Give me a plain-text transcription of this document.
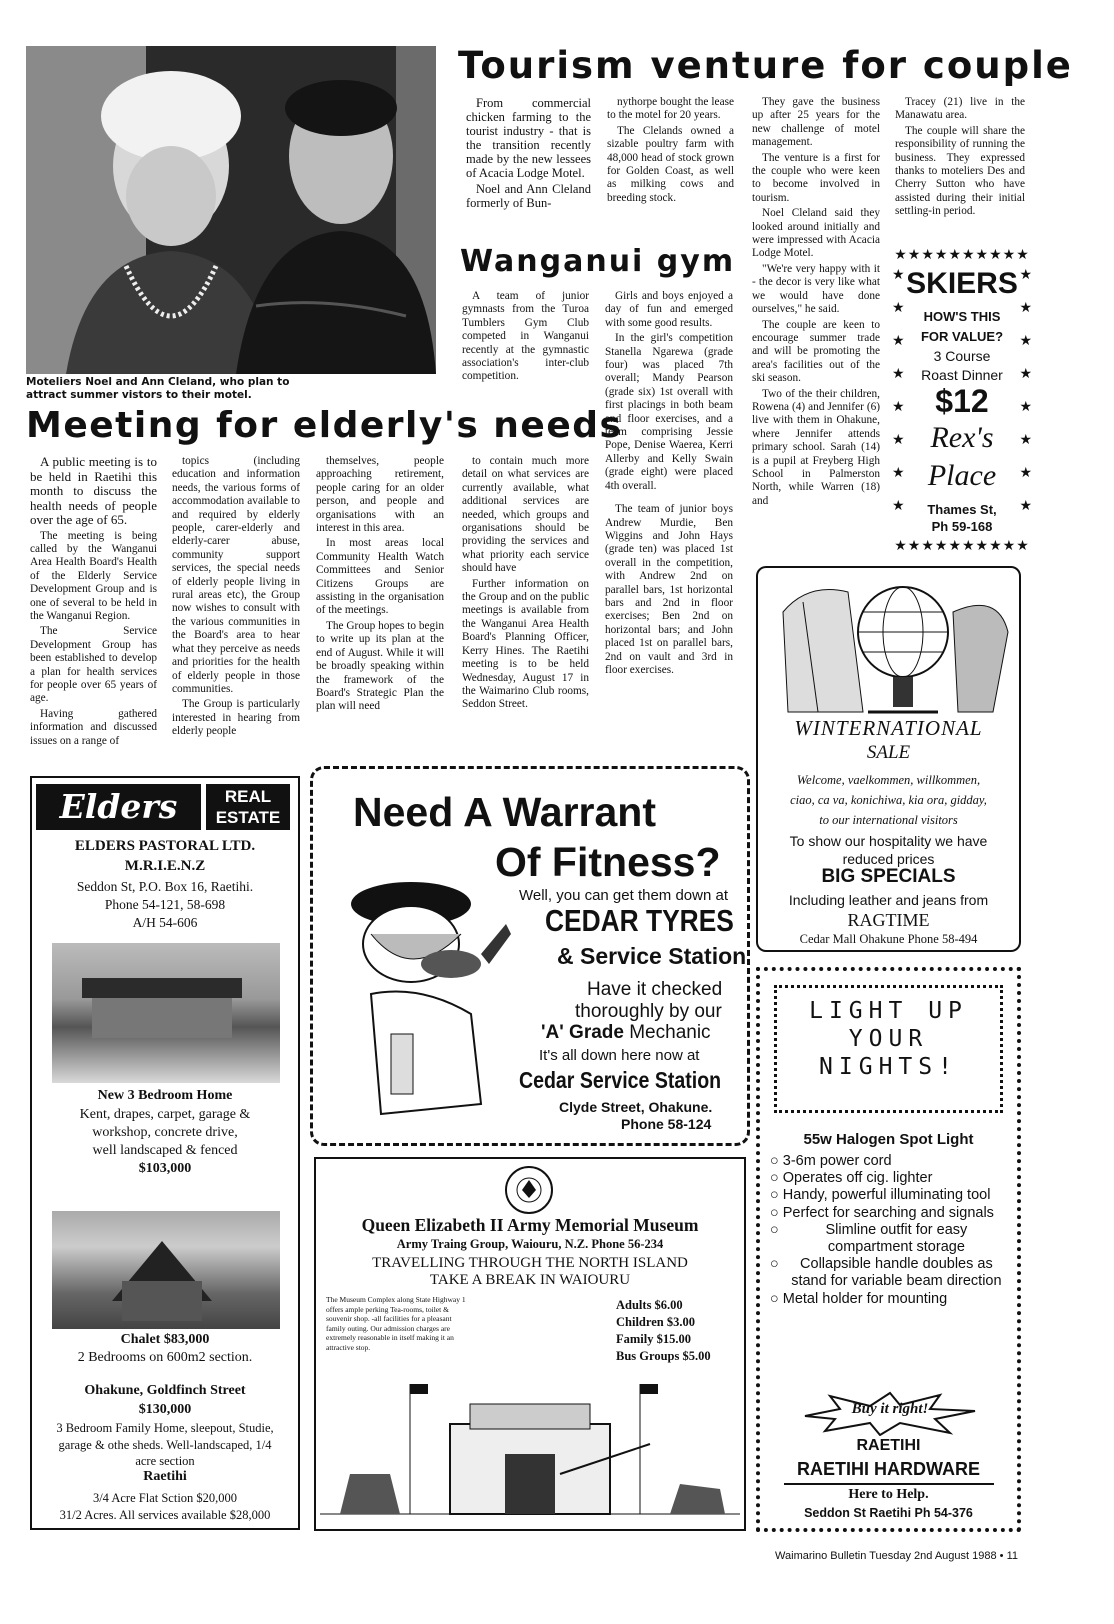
Moteliers Noel and Ann Cleland, who plan to attract summer vistors to their motel.
Tourism venture for couple

From commercial chicken farming to the tourist industry - that is the transition recently made by the new lessees of Acacia Lodge Motel.

Noel and Ann Cleland formerly of Bun-

nythorpe bought the lease to the motel for 20 years.

The Clelands owned a sizable poultry farm with 48,000 head of stock grown for Golden Coast, as well as milking cows and breeding stock.

They gave the business up after 25 years for the new challenge of motel management.

The venture is a first for the couple who were keen to become involved in tourism.

Noel Cleland said they looked around initially and were impressed with Acacia Lodge Motel.

"We're very happy with it - the decor is very like what we would have done ourselves," he said.

The couple are keen to encourage summer trade and will be promoting the area's facilities out of the ski season.

Two of the their children, Rowena (4) and Jennifer (6) live with them in Ohakune, where Jennifer attends primary school. Sarah (14) is a pupil at Freyberg High School in Palmerston North, while Warren (18) and

Tracey (21) live in the Manawatu area.

The couple will share the responsibility of running the business. They expressed thanks to moteliers Des and Cherry Sutton who have assisted during their initial settling-in period.

Wanganui gym

A team of junior gymnasts from the Turoa Tumblers Gym Club competed in Wanganui recently at the gymnastic association's inter-club competition.

Girls and boys enjoyed a day of fun and emerged with some good results.

In the girl's competition Stanella Ngarewa (grade four) was placed 7th overall; Mandy Pearson (grade six) 1st overall with first placings in both beam and floor exercises, and a team comprising Jessie Pope, Denise Waerea, Kerri Allerby and Kelly Swain (grade eight) were placed 4th overall.

The team of junior boys Andrew Murdie, Ben Wiggins and John Hays (grade ten) was placed 1st overall in the competition, with Andrew 2nd on parallel bars, 1st horizontal bars and 2nd in floor exercises; Ben 2nd on horizontal bars; and John placed 1st on parallel bars, 2nd on vault and 3rd in floor exercises.

Meeting for elderly's needs

A public meeting is to be held in Raetihi this month to discuss the health needs of people over the age of 65.

The meeting is being called by the Wanganui Area Health Board's Health of the Elderly Service Development Group and is one of several to be held in the Wanganui Region.

The Service Development Group has been established to develop a plan for health services for people over 65 years of age.

Having gathered information and discussed issues on a range of

topics (including education and information needs, the various forms of accommodation available to and required by elderly people, carer-elderly and elderly-carer abuse, community support services, the special needs of elderly people living in rural areas etc), the Group now wishes to consult with the various communities in the Board's area to hear what they perceive as needs and priorities for the health of elderly people in those communities.

The Group is particularly interested in hearing from elderly people

themselves, people approaching retirement, people caring for an older person, and people and organisations with an interest in this area.

In most areas local Community Health Watch Committees and Senior Citizens Groups are assisting in the organisation of the meetings.

The Group hopes to begin to write up its plan at the end of August. While it will be broadly speaking within the framework of the Board's Strategic Plan the plan will need

to contain much more detail on what services are currently available, what additional services are needed, which groups and organisations should be providing the services and what priority each service should have

Further information on the Group and on the public meetings is available from the Wanganui Area Health Board's Planning Officer, Kerry Hines. The Raetihi meeting is to be held Wednesday, August 17 in the Waimarino Club rooms, Seddon Street.

★★★★★★★★★★
★

★

★

★

★

★

★

★
★

★

★

★

★

★

★

★
SKIERS
HOW'S THIS
FOR VALUE?
3 Course
Roast Dinner
$12
Rex's
Place
Thames St,
Ph 59-168
★★★★★★★★★★
WINTERNATIONAL
SALE
Welcome, vaelkommen, willkommen,
ciao, ca va, konichiwa, kia ora, gidday,
to our international visitors
To show our hospitality we have
reduced prices
BIG SPECIALS
Including leather and jeans from
RAGTIME
Cedar Mall Ohakune Phone 58-494
Elders	REAL
ESTATE
ELDERS PASTORAL LTD.
M.R.I.E.N.Z
Seddon St, P.O. Box 16, Raetihi.
Phone 54-121, 58-698
A/H 54-606
New 3 Bedroom Home
Kent, drapes, carpet, garage &
workshop, concrete drive,
well landscaped & fenced
$103,000
Chalet $83,000
2 Bedrooms on 600m2 section.
Ohakune, Goldfinch Street
$130,000
3 Bedroom Family Home, sleepout, Studie,
garage & othe sheds. Well-landscaped, 1/4
acre section
Raetihi
3/4 Acre Flat Sction $20,000
31/2 Acres. All services available $28,000
Need A Warrant
Of Fitness?
Well, you can get them down at
CEDAR TYRES
& Service Station
Have it checked
thoroughly by our
'A' Grade Mechanic
It's all down here now at
Cedar Service Station
Clyde Street, Ohakune.
Phone 58-124
Queen Elizabeth II Army Memorial Museum
Army Traing Group, Waiouru, N.Z. Phone 56-234
TRAVELLING THROUGH THE NORTH ISLAND
TAKE A BREAK IN WAIOURU
The Museum Complex along State Highway 1 offers ample perking Tea-rooms, toilet & souvenir shop. -all facilities for a pleasant family outing. Our admission charges are extremely reasonable in itself making it an attractive stop.
Adults $6.00
Children $3.00
Family $15.00
Bus Groups $5.00
LIGHT UP
YOUR
NIGHTS!
55w Halogen Spot Light
○ 3-6m power cord
○ Operates off cig. lighter
○ Handy, powerful illuminating tool
○ Perfect for searching and signals
○	Slimline outfit for easy compartment storage
○	Collapsible handle doubles as stand for variable beam direction
○ Metal holder for mounting
Buy it right!
RAETIHI
RAETIHI HARDWARE
Here to Help.
Seddon St Raetihi Ph 54-376
Waimarino Bulletin Tuesday 2nd August 1988 • 11
